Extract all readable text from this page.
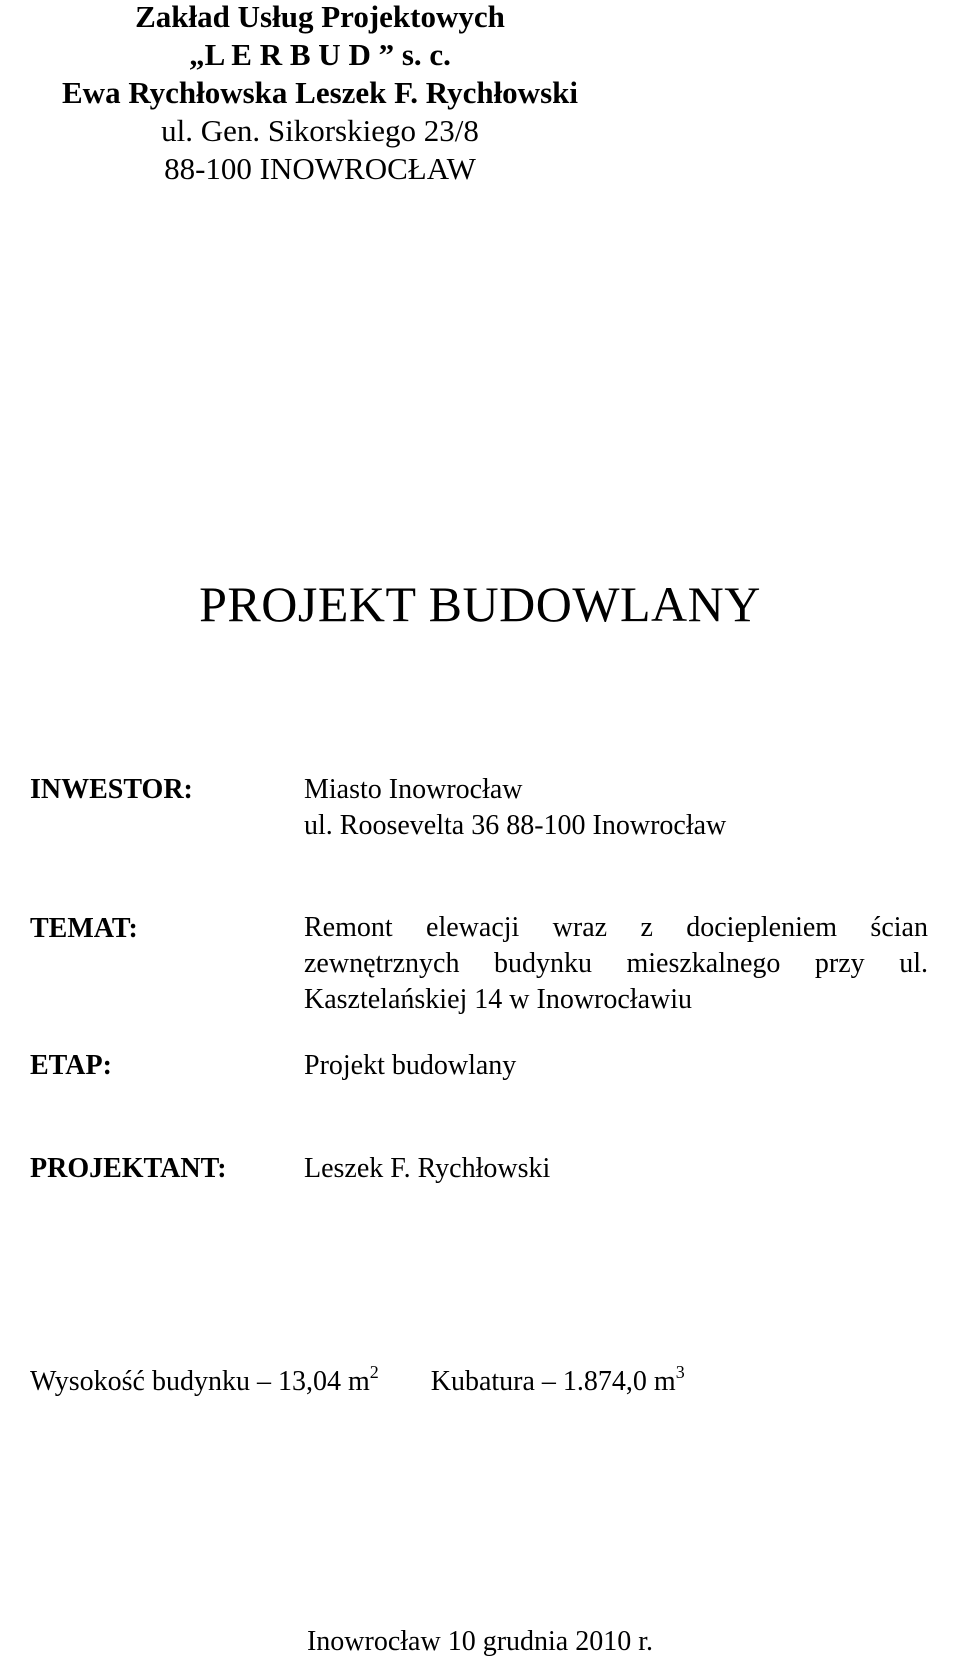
Zakład Usług Projektowych
„L E R B U D ” s. c.
Ewa Rychłowska Leszek F. Rychłowski
ul. Gen. Sikorskiego 23/8
88-100 INOWROCŁAW
PROJEKT BUDOWLANY
INWESTOR:	Miasto Inowrocław
ul. Roosevelta 36 88-100 Inowrocław
TEMAT:	Remont elewacji wraz z dociepleniem ścian
zewnętrznych budynku mieszkalnego przy ul.
Kasztelańskiej 14 w Inowrocławiu
ETAP:	Projekt budowlany
PROJEKTANT:	Leszek F. Rychłowski
Wysokość budynku – 13,04 $m^2$ Kubatura – 1.874,0 $m^3$
Inowrocław 10 grudnia 2010 r.
